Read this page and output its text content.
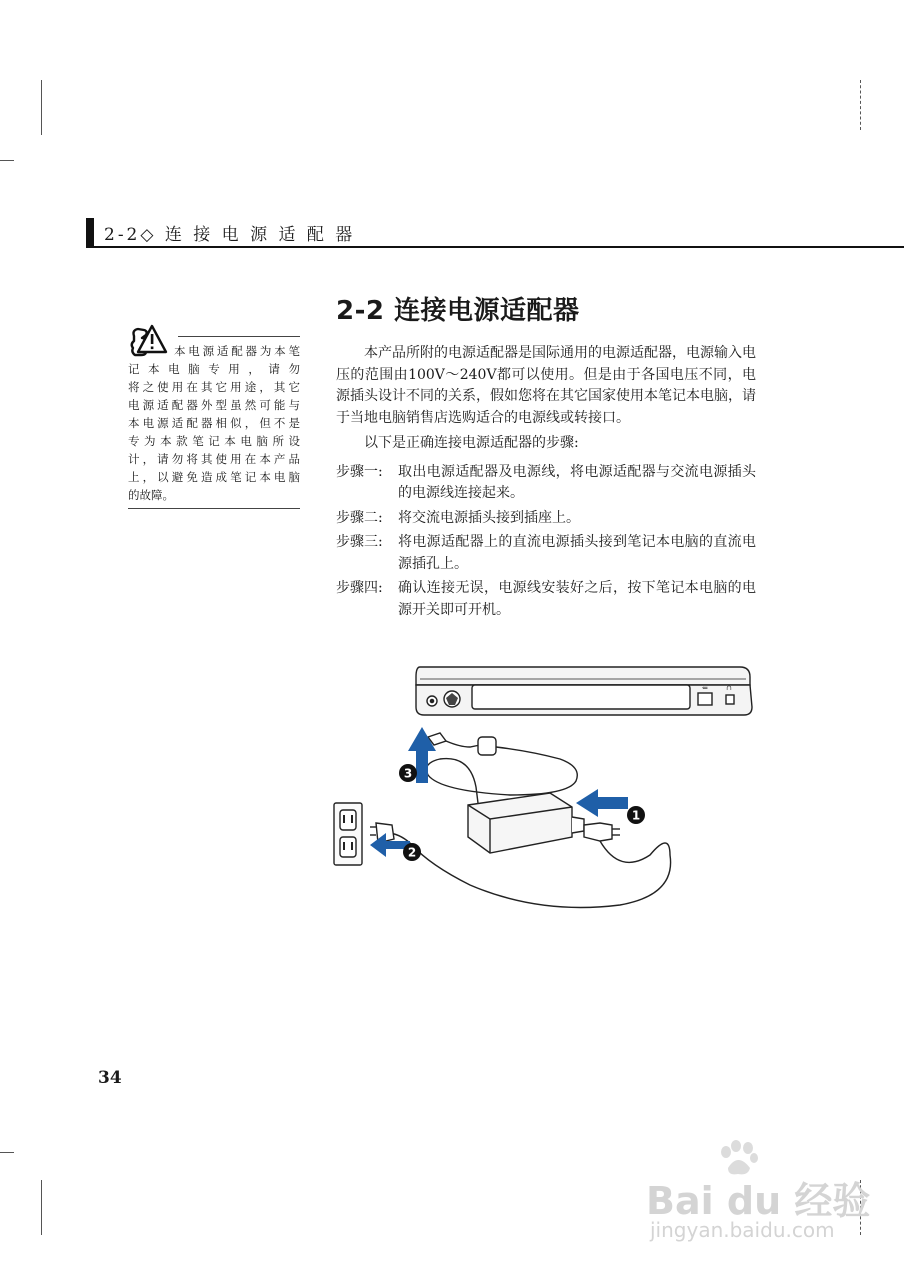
2-2◇ 连 接 电 源 适 配 器
2-2 连接电源适配器
本电源适配器为本笔
记本电脑专用，请勿
将之使用在其它用途，其它
电源适配器外型虽然可能与
本电源适配器相似，但不是
专为本款笔记本电脑所设
计，请勿将其使用在本产品
上，以避免造成笔记本电脑
的故障。

本产品所附的电源适配器是国际通用的电源适配器，电源输入电压的范围由100V～240V都可以使用。但是由于各国电压不同，电源插头设计不同的关系，假如您将在其它国家使用本笔记本电脑，请于当地电脑销售店选购适合的电源线或转接口。

以下是正确连接电源适配器的步骤:

步骤一:	取出电源适配器及电源线，将电源适配器与交流电源插头的电源线连接起来。
步骤二:	将交流电源插头接到插座上。
步骤三:	将电源适配器上的直流电源插头接到笔记本电脑的直流电源插孔上。
步骤四:	确认连接无误，电源线安装好之后，按下笔记本电脑的电源开关即可开机。
⇐	∩
3
1
2
34
Bai du 经验
jingyan.baidu.com
